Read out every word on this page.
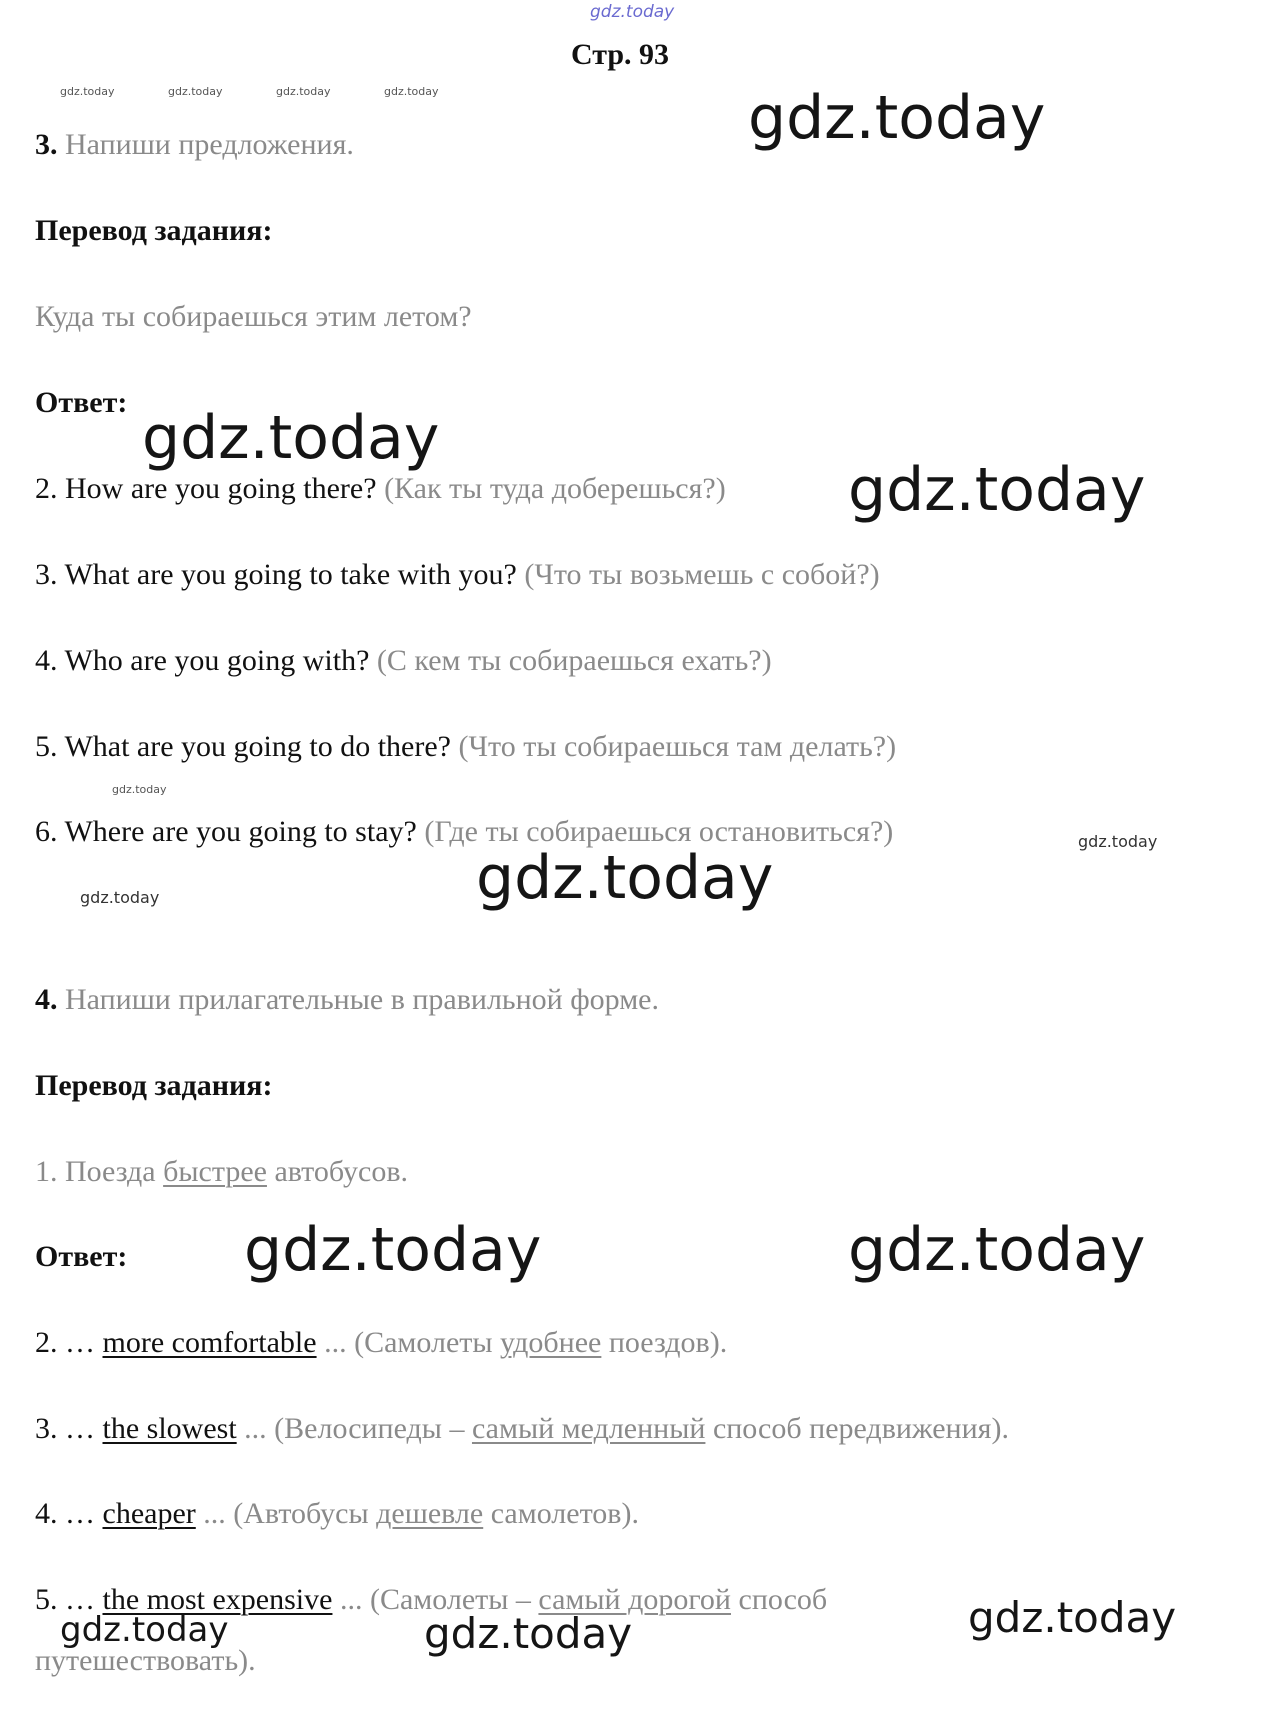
gdz.today
Стр. 93
gdz.today	gdz.today	gdz.today	gdz.today	gdz.today

3. Напиши предложения.

Перевод задания:

Куда ты собираешься этим летом?

Ответ:

gdz.today

2. How are you going there? (Как ты туда доберешься?) gdz.today

3. What are you going to take with you? (Что ты возьмешь с собой?)

4. Who are you going with? (С кем ты собираешься ехать?)

5. What are you going to do there? (Что ты собираешься там делать?)

gdz.today

6. Where are you going to stay? (Где ты собираешься остановиться?)	gdz.today
gdz.today
gdz.today

4. Напиши прилагательные в правильной форме.

Перевод задания:

1. Поезда быстрее автобусов.

Ответ: gdz.today	gdz.today

2. … more comfortable ... (Самолеты удобнее поездов).

3. … the slowest ... (Велосипеды – самый медленный способ передвижения).

4. … cheaper ... (Автобусы дешевле самолетов).

5. … the most expensive ... (Самолеты – самый дорогой способ

gdz.today	gdz.today	gdz.today

путешествовать).
